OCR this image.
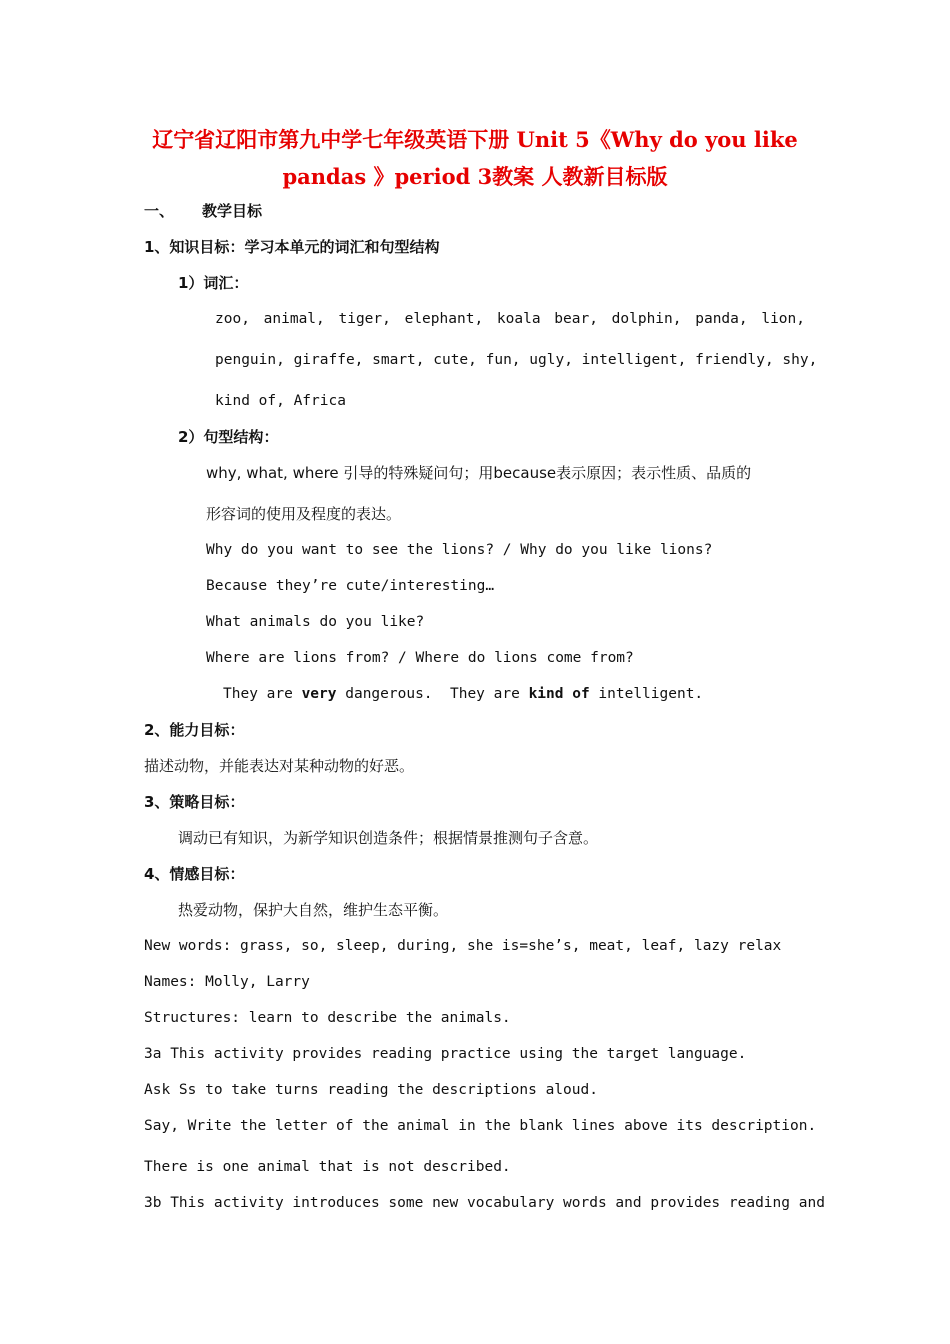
辽宁省辽阳市第九中学七年级英语下册 Unit 5《Why do you like
pandas 》period 3教案 人教新目标版
一、 教学目标
1、知识目标：学习本单元的词汇和句型结构
1）词汇：
zoo, animal, tiger, elephant, koala bear, dolphin, panda, lion,
penguin, giraffe, smart, cute, fun, ugly, intelligent, friendly, shy,
kind of, Africa
2）句型结构：
why, what, where 引导的特殊疑问句；用because表示原因；表示性质、品质的
形容词的使用及程度的表达。
Why do you want to see the lions? / Why do you like lions?
Because they’re cute/interesting…
What animals do you like?
Where are lions from? / Where do lions come from?
They are very dangerous.  They are kind of intelligent.
2、能力目标：
描述动物，并能表达对某种动物的好恶。
3、策略目标：
调动已有知识，为新学知识创造条件；根据情景推测句子含意。
4、情感目标：
热爱动物，保护大自然，维护生态平衡。
New words: grass, so, sleep, during, she is=she’s, meat, leaf, lazy relax
Names: Molly, Larry
Structures: learn to describe the animals.
3a This activity provides reading practice using the target language.
Ask Ss to take turns reading the descriptions aloud.
Say, Write the letter of the animal in the blank lines above its description.
There is one animal that is not described.
3b This activity introduces some new vocabulary words and provides reading and
